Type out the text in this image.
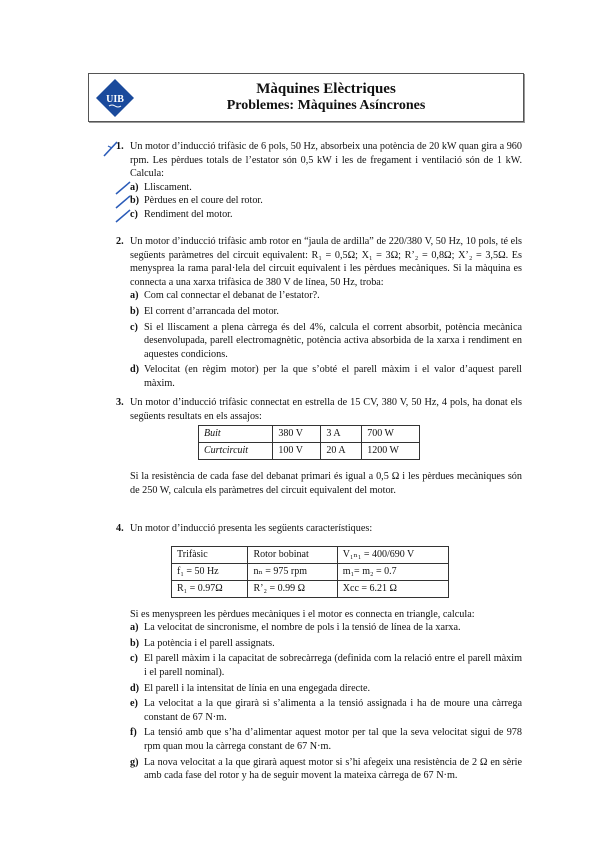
UIB
Màquines Elèctriques
Problemes: Màquines Asíncrones
1. Un motor d’inducció trifàsic de 6 pols, 50 Hz, absorbeix una potència de 20 kW quan gira a 960 rpm. Les pèrdues totals de l’estator són 0,5 kW i les de fregament i ventilació són de 1 kW. Calcula:
a) Lliscament.
b) Pèrdues en el coure del rotor.
c) Rendiment del motor.
2. Un motor d’inducció trifàsic amb rotor en “jaula de ardilla” de 220/380 V, 50 Hz, 10 pols, té els següents paràmetres del circuit equivalent: R₁ = 0,5Ω; X₁ = 3Ω; R’₂ = 0,8Ω; X’₂ = 3,5Ω. Es menysprea la rama paral·lela del circuit equivalent i les pèrdues mecàniques. Si la màquina es connecta a una xarxa trifàsica de 380 V de línea, 50 Hz, troba:
a) Com cal connectar el debanat de l’estator?.
b) El corrent d’arrancada del motor.
c) Si el lliscament a plena càrrega és del 4%, calcula el corrent absorbit, potència mecànica desenvolupada, parell electromagnètic, potència activa absorbida de la xarxa i rendiment en aquestes condicions.
d) Velocitat (en règim motor) per la que s’obté el parell màxim i el valor d’aquest parell màxim.
3. Un motor d’inducció trifàsic connectat en estrella de 15 CV, 380 V, 50 Hz, 4 pols, ha donat els següents resultats en els assajos:
Buit	380 V	3 A	700 W
Curtcircuit	100 V	20 A	1200 W
Si la resistència de cada fase del debanat primari és igual a 0,5 Ω i les pèrdues mecàniques són de 250 W, calcula els paràmetres del circuit equivalent del motor.
4. Un motor d’inducció presenta les següents característiques:
Trifàsic	Rotor bobinat	V₁ₙ₁ = 400/690 V
f₁ = 50 Hz	nₙ = 975 rpm	m₁= m₂ = 0.7
R₁ = 0.97Ω	R’₂ = 0.99 Ω	Xcc = 6.21 Ω
Si es menyspreen les pèrdues mecàniques i el motor es connecta en triangle, calcula:
a) La velocitat de sincronisme, el nombre de pols i la tensió de línea de la xarxa.
b) La potència i el parell assignats.
c) El parell màxim i la capacitat de sobrecàrrega (definida com la relació entre el parell màxim i el parell nominal).
d) El parell i la intensitat de línia en una engegada directe.
e) La velocitat a la que girarà si s’alimenta a la tensió assignada i ha de moure una càrrega constant de 67 N·m.
f) La tensió amb que s’ha d’alimentar aquest motor per tal que la seva velocitat sigui de 978 rpm quan mou la càrrega constant de 67 N·m.
g) La nova velocitat a la que girarà aquest motor si s’hi afegeix una resistència de 2 Ω en sèrie amb cada fase del rotor y ha de seguir movent la mateixa càrrega de 67 N·m.
